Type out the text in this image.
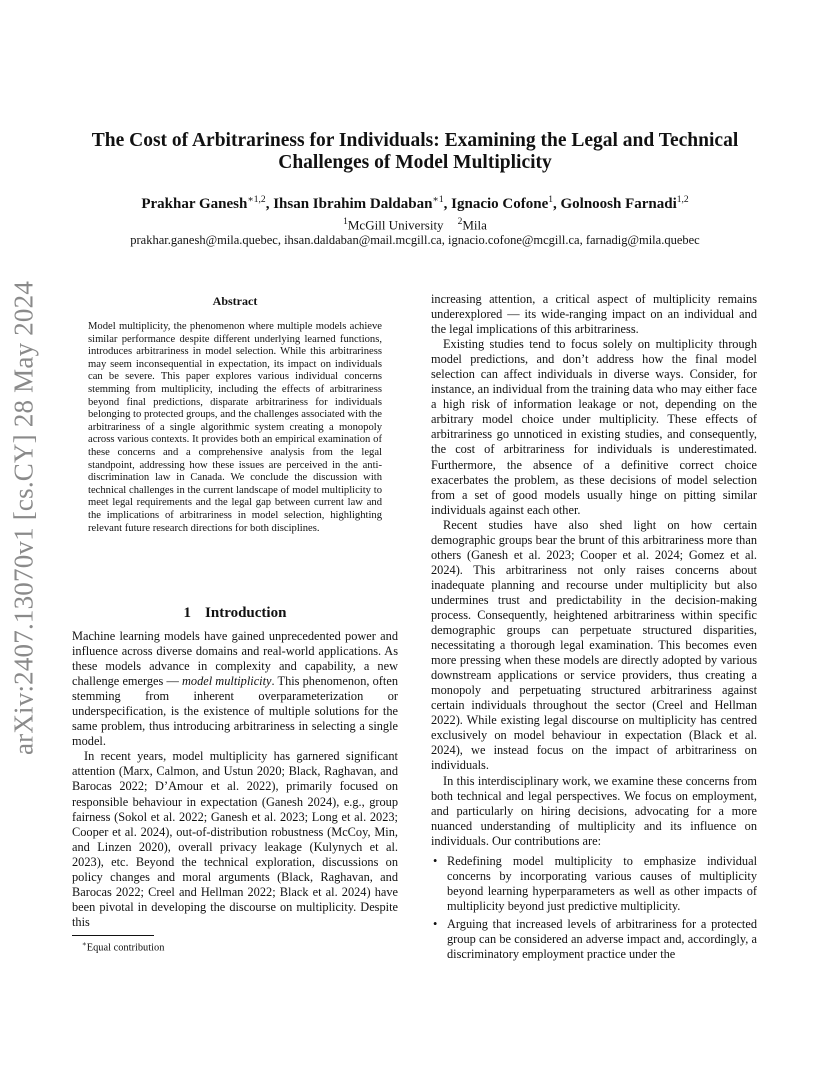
arXiv:2407.13070v1 [cs.CY] 28 May 2024
The Cost of Arbitrariness for Individuals: Examining the Legal and Technical
Challenges of Model Multiplicity
Prakhar Ganesh$^{∗1,2}$, Ihsan Ibrahim Daldaban$^{∗1}$, Ignacio Cofone$^1$, Golnoosh Farnadi$^{1,2}$
$^1$McGill University $^2$Mila
prakhar.ganesh@mila.quebec, ihsan.daldaban@mail.mcgill.ca, ignacio.cofone@mcgill.ca, farnadig@mila.quebec
Abstract
Model multiplicity, the phenomenon where multiple models achieve similar performance despite different underlying learned functions, introduces arbitrariness in model selection. While this arbitrariness may seem inconsequential in expectation, its impact on individuals can be severe. This paper explores various individual concerns stemming from multiplicity, including the effects of arbitrariness beyond final predictions, disparate arbitrariness for individuals belonging to protected groups, and the challenges associated with the arbitrariness of a single algorithmic system creating a monopoly across various contexts. It provides both an empirical examination of these concerns and a comprehensive analysis from the legal standpoint, addressing how these issues are perceived in the anti-discrimination law in Canada. We conclude the discussion with technical challenges in the current landscape of model multiplicity to meet legal requirements and the legal gap between current law and the implications of arbitrariness in model selection, highlighting relevant future research directions for both disciplines.
1 Introduction

Machine learning models have gained unprecedented power and influence across diverse domains and real-world applications. As these models advance in complexity and capability, a new challenge emerges — model multiplicity. This phenomenon, often stemming from inherent overparameterization or underspecification, is the existence of multiple solutions for the same problem, thus introducing arbitrariness in selecting a single model.

In recent years, model multiplicity has garnered significant attention (Marx, Calmon, and Ustun 2020; Black, Raghavan, and Barocas 2022; D’Amour et al. 2022), primarily focused on responsible behaviour in expectation (Ganesh 2024), e.g., group fairness (Sokol et al. 2022; Ganesh et al. 2023; Long et al. 2023; Cooper et al. 2024), out-of-distribution robustness (McCoy, Min, and Linzen 2020), overall privacy leakage (Kulynych et al. 2023), etc. Beyond the technical exploration, discussions on policy changes and moral arguments (Black, Raghavan, and Barocas 2022; Creel and Hellman 2022; Black et al. 2024) have been pivotal in developing the discourse on multiplicity. Despite this

increasing attention, a critical aspect of multiplicity remains underexplored — its wide-ranging impact on an individual and the legal implications of this arbitrariness.

Existing studies tend to focus solely on multiplicity through model predictions, and don’t address how the final model selection can affect individuals in diverse ways. Consider, for instance, an individual from the training data who may either face a high risk of information leakage or not, depending on the arbitrary model choice under multiplicity. These effects of arbitrariness go unnoticed in existing studies, and consequently, the cost of arbitrariness for individuals is underestimated. Furthermore, the absence of a definitive correct choice exacerbates the problem, as these decisions of model selection from a set of good models usually hinge on pitting similar individuals against each other.

Recent studies have also shed light on how certain demographic groups bear the brunt of this arbitrariness more than others (Ganesh et al. 2023; Cooper et al. 2024; Gomez et al. 2024). This arbitrariness not only raises concerns about inadequate planning and recourse under multiplicity but also undermines trust and predictability in the decision-making process. Consequently, heightened arbitrariness within specific demographic groups can perpetuate structured disparities, necessitating a thorough legal examination. This becomes even more pressing when these models are directly adopted by various downstream applications or service providers, thus creating a monopoly and perpetuating structured arbitrariness against certain individuals throughout the sector (Creel and Hellman 2022). While existing legal discourse on multiplicity has centred exclusively on model behaviour in expectation (Black et al. 2024), we instead focus on the impact of arbitrariness on individuals.

In this interdisciplinary work, we examine these concerns from both technical and legal perspectives. We focus on employment, and particularly on hiring decisions, advocating for a more nuanced understanding of multiplicity and its influence on individuals. Our contributions are:

• Redefining model multiplicity to emphasize individual concerns by incorporating various causes of multiplicity beyond learning hyperparameters as well as other impacts of multiplicity beyond just predictive multiplicity.
• Arguing that increased levels of arbitrariness for a protected group can be considered an adverse impact and, accordingly, a discriminatory employment practice under the
∗Equal contribution
